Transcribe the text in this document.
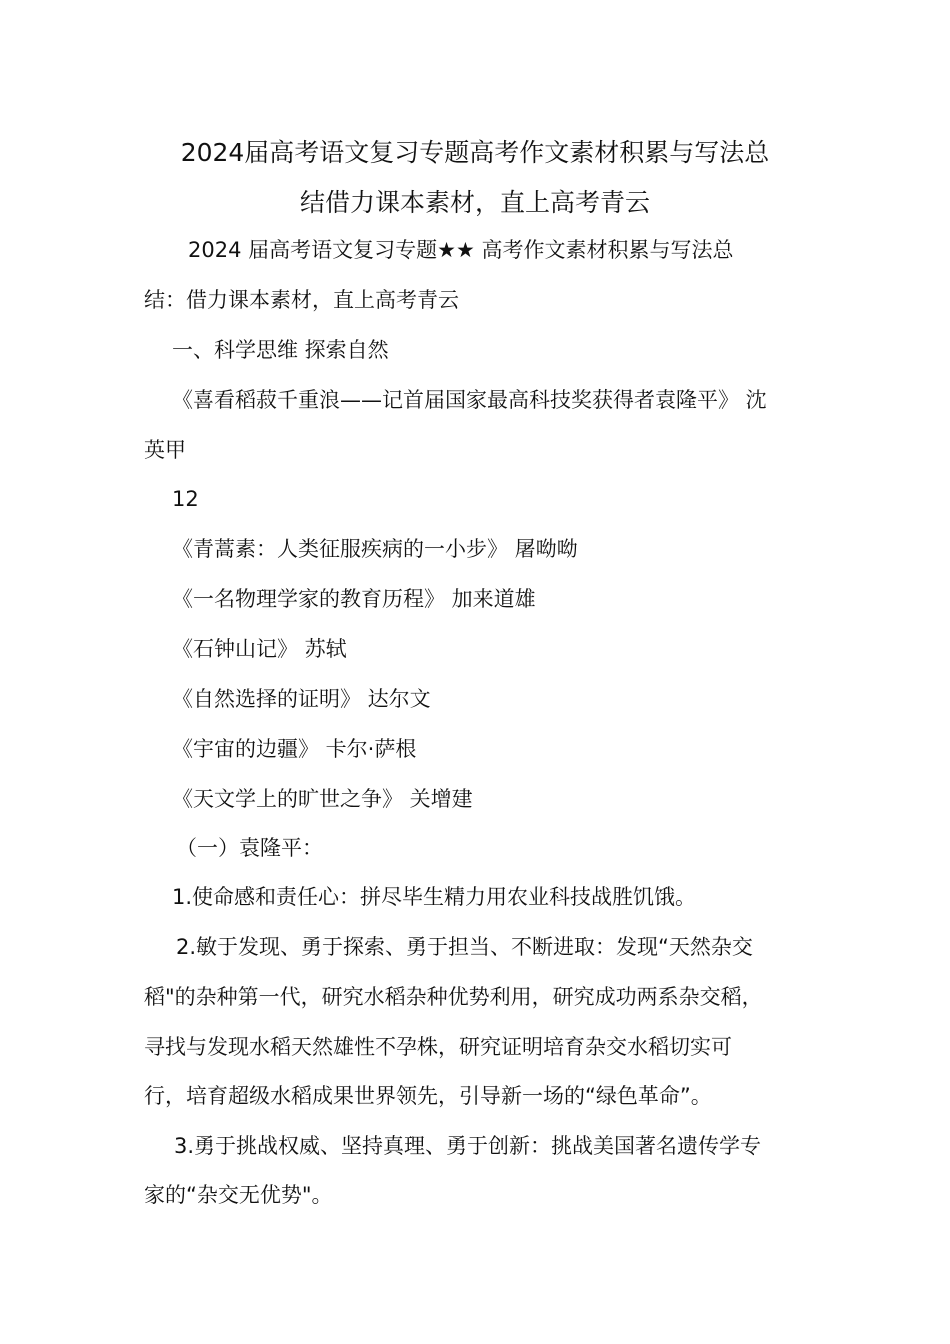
2024届高考语文复习专题高考作文素材积累与写法总
结借力课本素材，直上高考青云

2024 届高考语文复习专题★★ 高考作文素材积累与写法总

结：借力课本素材，直上高考青云

一、科学思维 探索自然

《喜看稻菽千重浪——记首届国家最高科技奖获得者袁隆平》 沈

英甲

12

《青蒿素：人类征服疾病的一小步》 屠呦呦

《一名物理学家的教育历程》 加来道雄

《石钟山记》 苏轼

《自然选择的证明》 达尔文

《宇宙的边疆》 卡尔·萨根

《天文学上的旷世之争》 关增建

（一）袁隆平：

1.使命感和责任心：拼尽毕生精力用农业科技战胜饥饿。

2.敏于发现、勇于探索、勇于担当、不断进取：发现“天然杂交

稻"的杂种第一代，研究水稻杂种优势利用，研究成功两系杂交稻，

寻找与发现水稻天然雄性不孕株，研究证明培育杂交水稻切实可

行，培育超级水稻成果世界领先，引导新一场的“绿色革命”。

3.勇于挑战权威、坚持真理、勇于创新：挑战美国著名遗传学专

家的“杂交无优势"。
